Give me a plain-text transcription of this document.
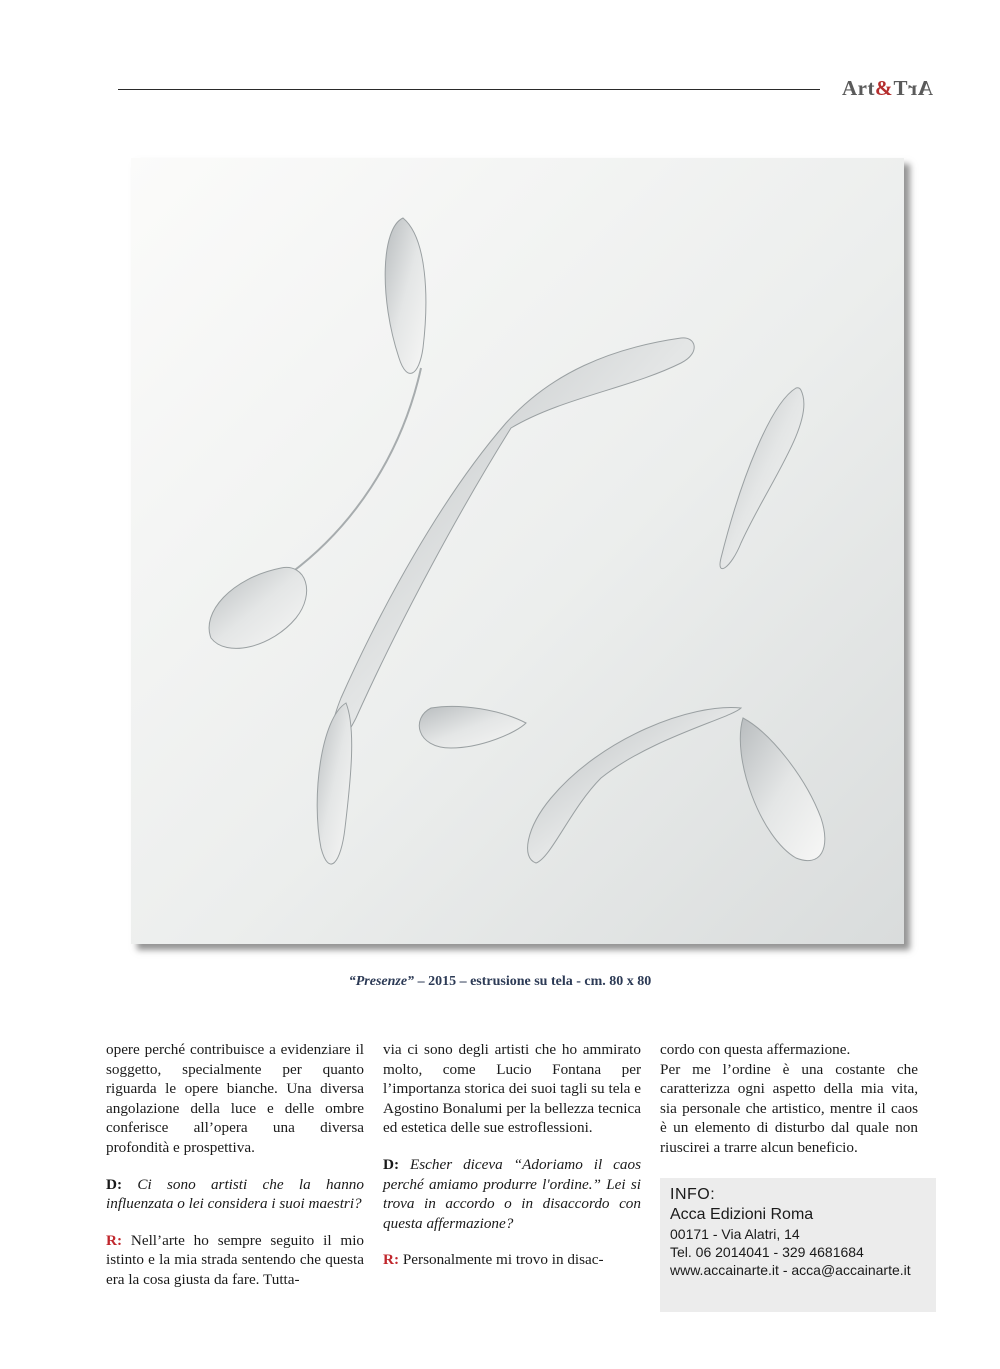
Art&ArT
“Presenze” – 2015 – estrusione su tela - cm. 80 x 80

opere perché contribuisce a evidenziare il soggetto, specialmente per quanto riguarda le opere bianche. Una diversa angolazione della luce e delle ombre conferisce all’opera una diversa profondità e prospettiva.

D: Ci sono artisti che la hanno influenzata o lei considera i suoi maestri?

R: Nell’arte ho sempre seguito il mio istinto e la mia strada sentendo che questa era la cosa giusta da fare. Tutta-

via ci sono degli artisti che ho ammirato molto, come Lucio Fontana per l’importanza storica dei suoi tagli su tela e Agostino Bonalumi per la bellezza tecnica ed estetica delle sue estroflessioni.

D: Escher diceva “Adoriamo il caos perché amiamo produrre l'ordine.” Lei si trova in accordo o in disaccordo con questa affermazione?

R: Personalmente mi trovo in disac-

cordo con questa affermazione.

Per me l’ordine è una costante che caratterizza ogni aspetto della mia vita, sia personale che artistico, mentre il caos è un elemento di disturbo dal quale non riuscirei a trarre alcun beneficio.

INFO:
Acca Edizioni Roma
00171 - Via Alatri, 14
Tel. 06 2014041 - 329 4681684
www.accainarte.it - acca@accainarte.it
